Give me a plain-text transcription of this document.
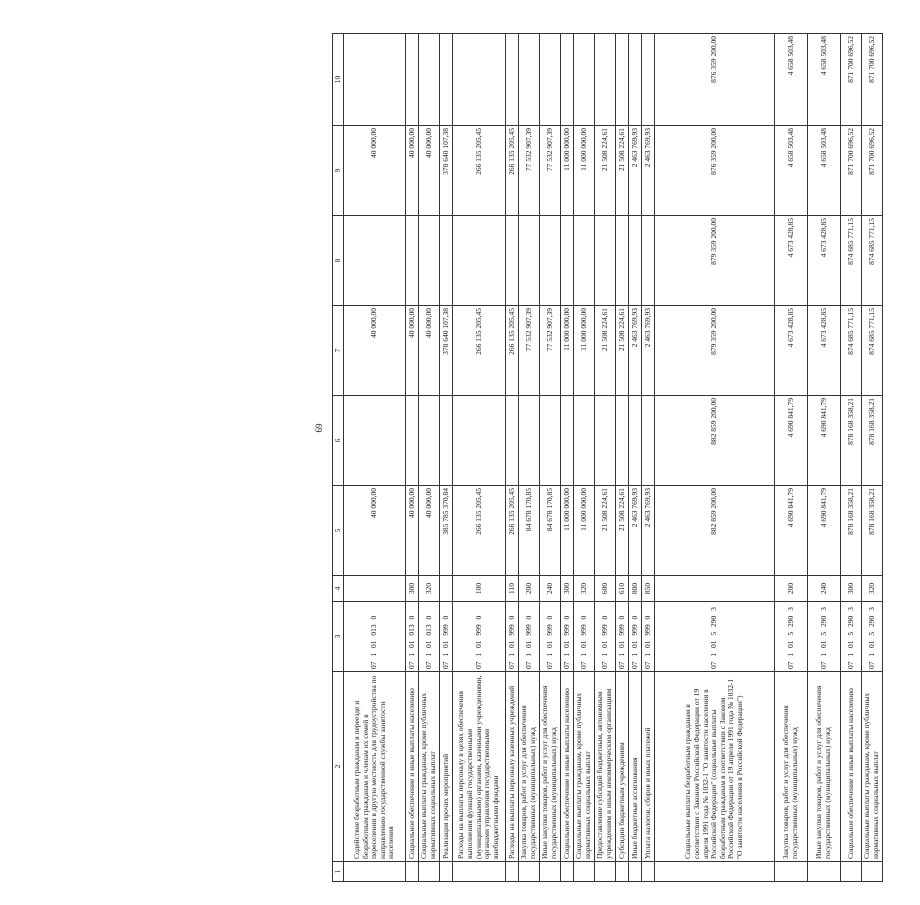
69
1	2	3	4	5	6	7	8	9	10
	Содействие безработным гражданам в переезде и безработным гражданам и членам их семей в переселении в другую местность для трудоустройства по направлению государственной службы занятости населения	07 1 01 013 0		40 000,00		40 000,00		40 000,00	
	Социальное обеспечение и иные выплаты населению	07 1 01 013 0	300	40 000,00		40 000,00		40 000,00	
	Социальные выплаты гражданам, кроме публичных нормативных социальных выплат	07 1 01 013 0	320	40 000,00		40 000,00		40 000,00	
	Реализация прочих мероприятий	07 1 01 999 0		385 785 370,84		378 640 107,38		378 640 107,38	
	Расходы на выплаты персоналу в целях обеспечения выполнения функций государственными (муниципальными) органами, казенными учреждениями, органами управления государственными внебюджетными фондами	07 1 01 999 0	100	266 135 205,45		266 135 205,45		266 135 205,45	
	Расходы на выплаты персоналу казенных учреждений	07 1 01 999 0	110	266 135 205,45		266 135 205,45		266 135 205,45	
	Закупка товаров, работ и услуг для обеспечения государственных (муниципальных) нужд	07 1 01 999 0	200	84 678 170,85		77 532 907,39		77 532 907,39	
	Иные закупки товаров, работ и услуг для обеспечения государственных (муниципальных) нужд	07 1 01 999 0	240	84 678 170,85		77 532 907,39		77 532 907,39	
	Социальное обеспечение и иные выплаты населению	07 1 01 999 0	300	11 000 000,00		11 000 000,00		11 000 000,00	
	Социальные выплаты гражданам, кроме публичных нормативных социальных выплат	07 1 01 999 0	320	11 000 000,00		11 000 000,00		11 000 000,00	
	Предоставление субсидий бюджетным, автономным учреждениям и иным некоммерческим организациям	07 1 01 999 0	600	21 508 224,61		21 508 224,61		21 508 224,61	
	Субсидии бюджетным учреждениям	07 1 01 999 0	610	21 508 224,61		21 508 224,61		21 508 224,61	
	Иные бюджетные ассигнования	07 1 01 999 0	800	2 463 769,93		2 463 769,93		2 463 769,93	
	Уплата налогов, сборов и иных платежей	07 1 01 999 0	850	2 463 769,93		2 463 769,93		2 463 769,93	
	Социальные выплаты безработным гражданам в соответствии с Законом Российской Федерации от 19 апреля 1991 года № 1032-1 "О занятости населения в Российской Федерации" (социальные выплаты безработным гражданам в соответствии с Законом Российской Федерации от 19 апреля 1991 года № 1032-1 "О занятости населения в Российской Федерации")	07 1 01 5 290 3		882 859 200,00	882 859 200,00	879 359 200,00	879 359 200,00	876 359 200,00	876 359 200,00
	Закупка товаров, работ и услуг для обеспечения государственных (муниципальных) нужд	07 1 01 5 290 3	200	4 690 841,79	4 690 841,79	4 673 428,85	4 673 428,85	4 658 503,48	4 658 503,48
	Иные закупки товаров, работ и услуг для обеспечения государственных (муниципальных) нужд	07 1 01 5 290 3	240	4 690 841,79	4 690 841,79	4 673 428,85	4 673 428,85	4 658 503,48	4 658 503,48
	Социальное обеспечение и иные выплаты населению	07 1 01 5 290 3	300	878 168 358,21	878 168 358,21	874 685 771,15	874 685 771,15	871 700 696,52	871 700 696,52
	Социальные выплаты гражданам, кроме публичных нормативных социальных выплат	07 1 01 5 290 3	320	878 168 358,21	878 168 358,21	874 685 771,15	874 685 771,15	871 700 696,52	871 700 696,52
